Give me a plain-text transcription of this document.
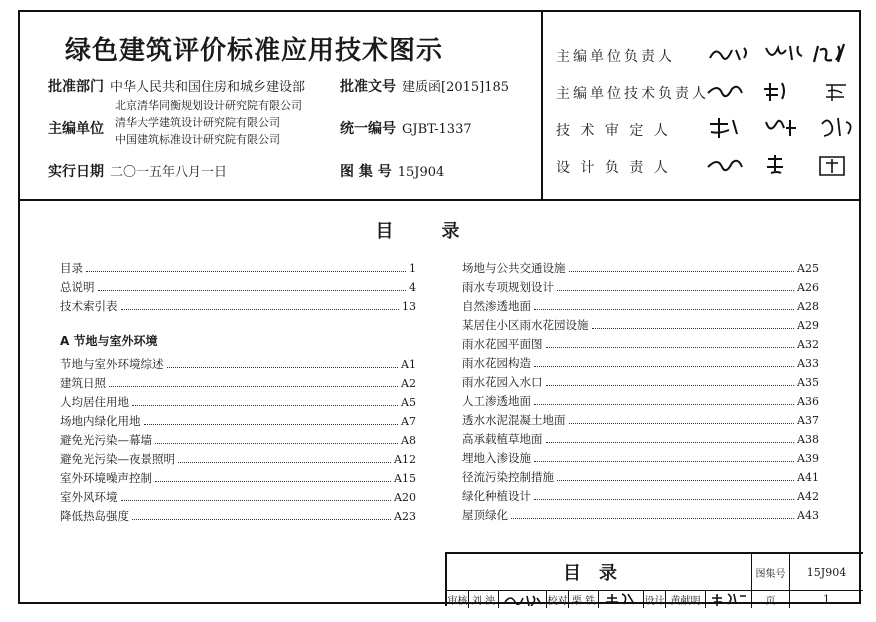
绿色建筑评价标准应用技术图示
批准部门 中华人民共和国住房和城乡建设部 批准文号 建质函[2015]185
主编单位
北京清华同衡规划设计研究院有限公司
清华大学建筑设计研究院有限公司
中国建筑标准设计研究院有限公司
统一编号 GJBT-1337
实行日期 二〇一五年八月一日	图 集 号 15J904
主编单位负责人
主编单位技术负责人
技 术 审 定 人
设 计 负 责 人
目录
目录	1
总说明	4
技术索引表	13
A 节地与室外环境
节地与室外环境综述	A1
建筑日照	A2
人均居住用地	A5
场地内绿化用地	A7
避免光污染—幕墙	A8
避免光污染—夜景照明	A12
室外环境噪声控制	A15
室外风环境	A20
降低热岛强度	A23
场地与公共交通设施	A25
雨水专项规划设计	A26
自然渗透地面	A28
某居住小区雨水花园设施	A29
雨水花园平面图	A32
雨水花园构造	A33
雨水花园入水口	A35
人工渗透地面	A36
透水水泥混凝土地面	A37
高承载植草地面	A38
埋地入渗设施	A39
径流污染控制措施	A41
绿化种植设计	A42
屋顶绿化	A43
目录	图集号	15J904
审核 刘 泱	校对 栗 铁	设计 黄献明	页	1
